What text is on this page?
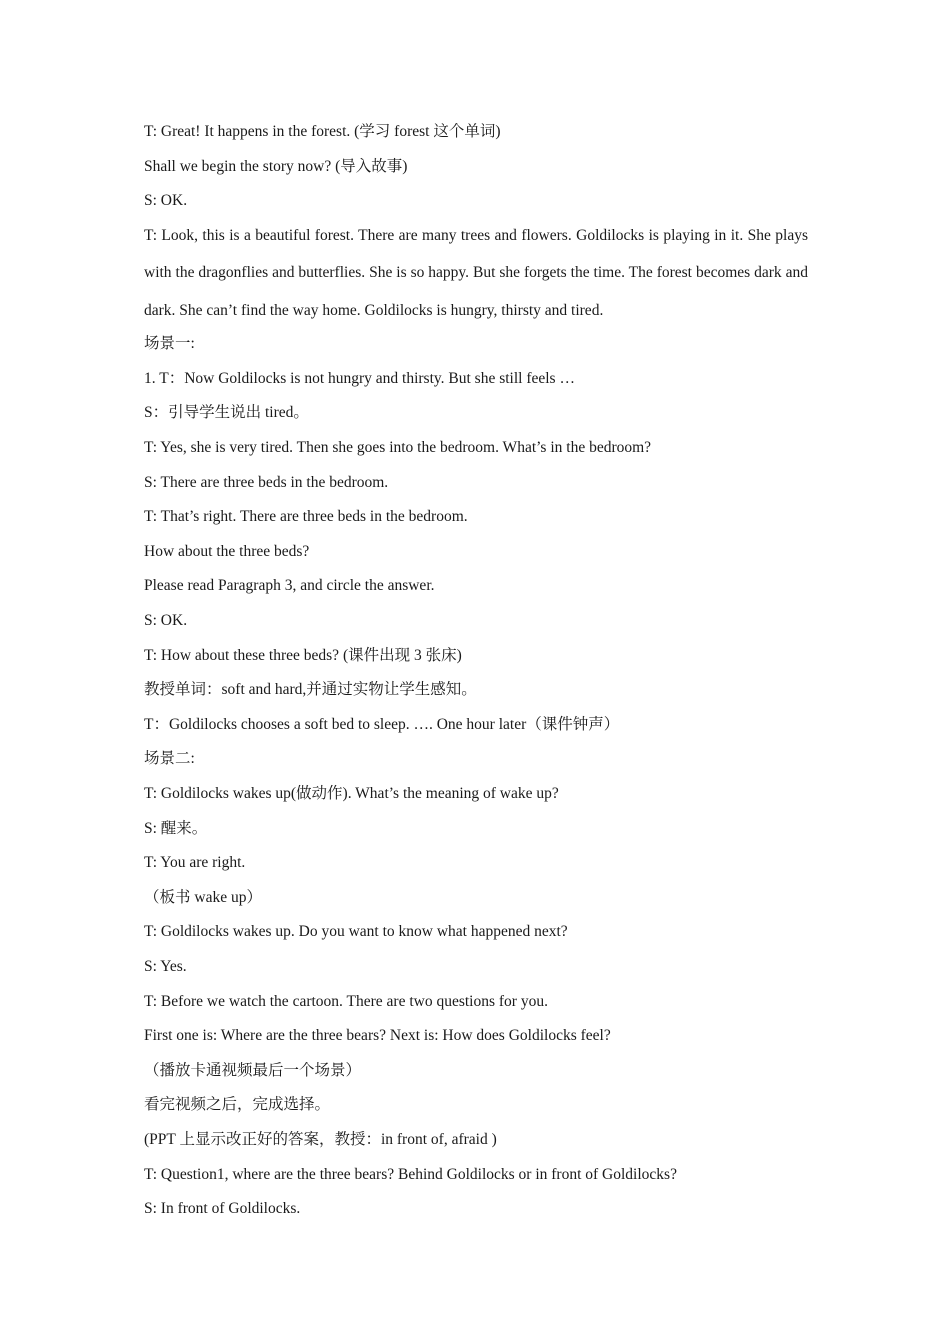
T: Great! It happens in the forest. (学习 forest 这个单词)
Shall we begin the story now? (导入故事)
S: OK.
T: Look, this is a beautiful forest. There are many trees and flowers. Goldilocks is playing in it. She plays with the dragonflies and butterflies. She is so happy. But she forgets the time. The forest becomes dark and dark. She can’t find the way home. Goldilocks is hungry, thirsty and tired.
场景一:
1. T：Now Goldilocks is not hungry and thirsty. But she still feels …
S：引导学生说出 tired。
T: Yes, she is very tired. Then she goes into the bedroom. What’s in the bedroom?
S: There are three beds in the bedroom.
T: That’s right. There are three beds in the bedroom.
How about the three beds?
Please read Paragraph 3, and circle the answer.
S: OK.
T: How about these three beds? (课件出现 3 张床)
教授单词：soft and hard,并通过实物让学生感知。
T：Goldilocks chooses a soft bed to sleep. …. One hour later（课件钟声）
场景二:
T: Goldilocks wakes up(做动作). What’s the meaning of wake up?
S: 醒来。
T: You are right.
（板书 wake up）
T: Goldilocks wakes up. Do you want to know what happened next?
S: Yes.
T: Before we watch the cartoon. There are two questions for you.
First one is: Where are the three bears? Next is: How does Goldilocks feel?
（播放卡通视频最后一个场景）
看完视频之后，完成选择。
(PPT 上显示改正好的答案，教授：in front of, afraid )
T: Question1, where are the three bears? Behind Goldilocks or in front of Goldilocks?
S: In front of Goldilocks.
